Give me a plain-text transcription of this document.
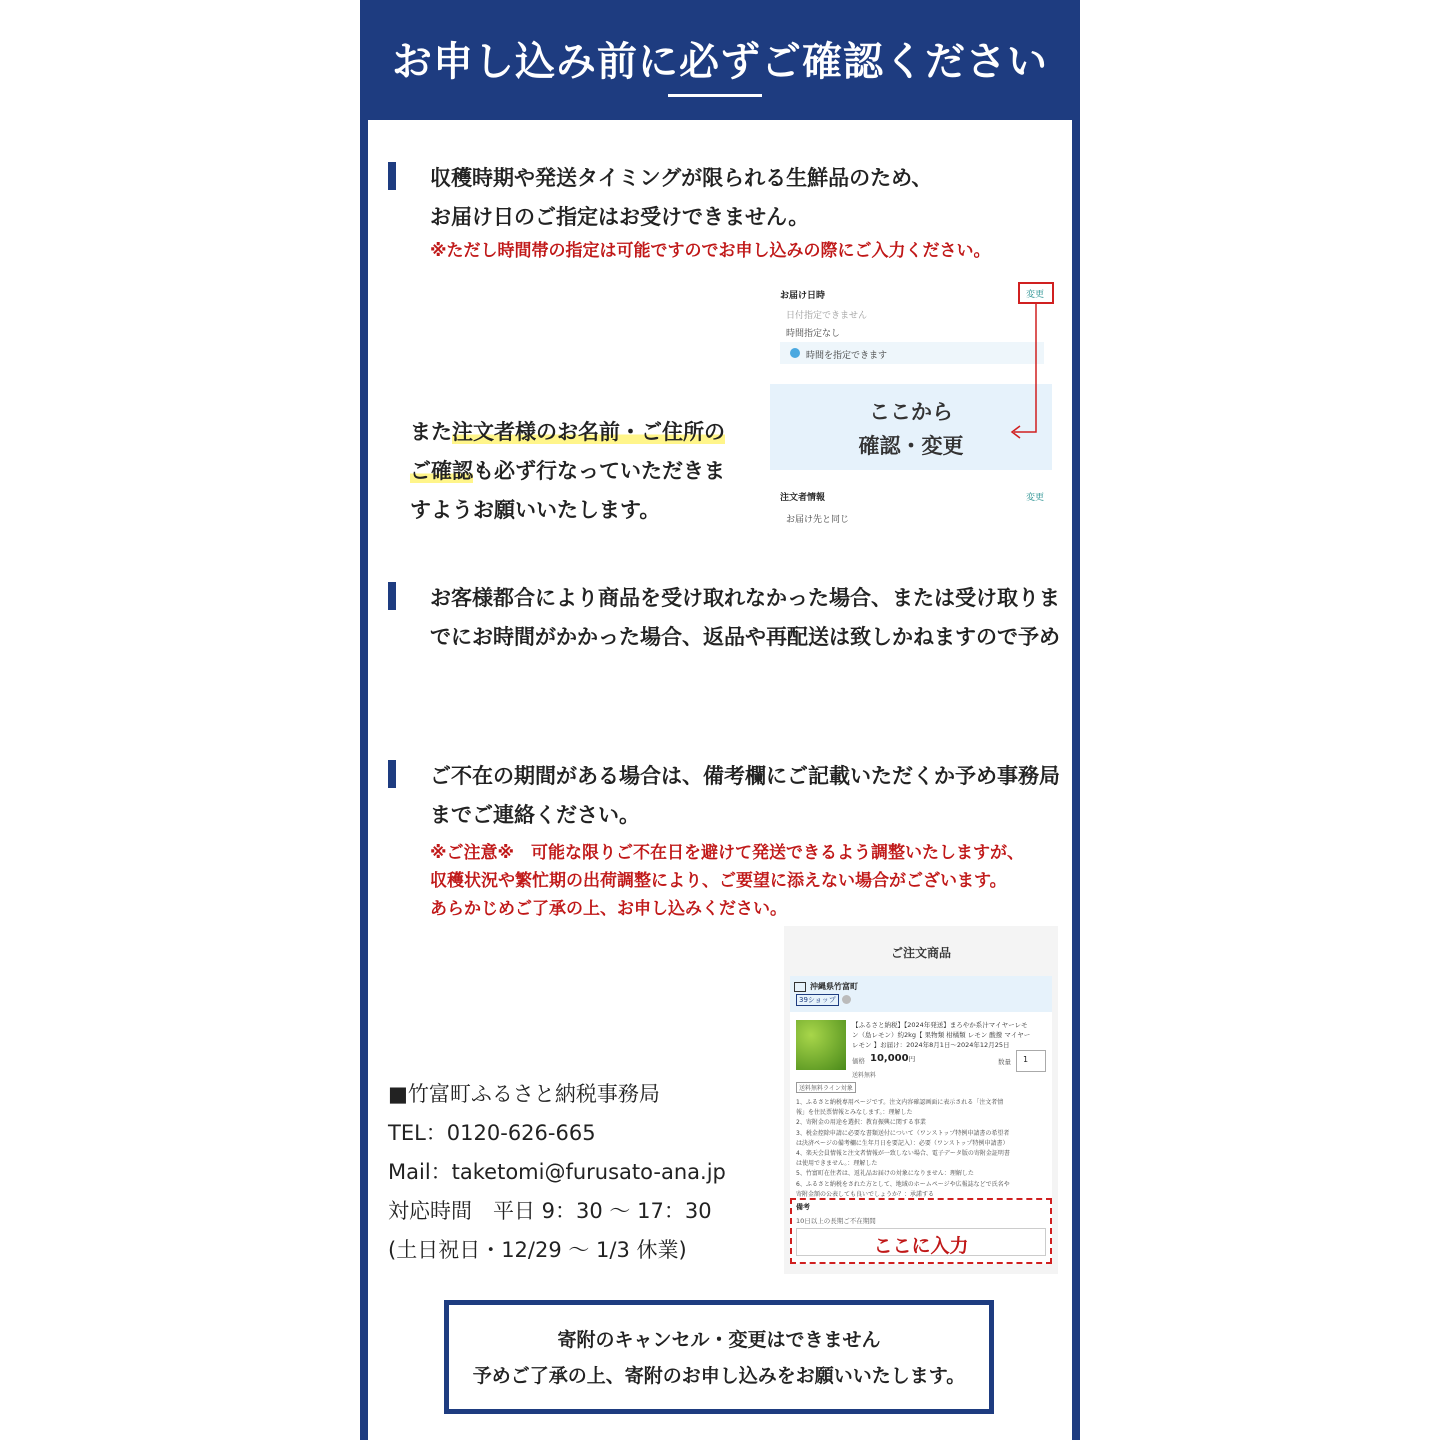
お申し込み前に必ずご確認ください
収穫時期や発送タイミングが限られる生鮮品のため、
お届け日のご指定はお受けできません。
※ただし時間帯の指定は可能ですのでお申し込みの際にご入力ください。
また注文者様のお名前・ご住所の
ご確認も必ず行なっていただきま
すようお願いいたします。
お届け日時	変更
日付指定できません
時間指定なし
時間を指定できます
ここから
確認・変更
注文者情報	変更
お届け先と同じ
お客様都合により商品を受け取れなかった場合、または受け取りま
でにお時間がかかった場合、返品や再配送は致しかねますので予め
ご不在の期間がある場合は、備考欄にご記載いただくか予め事務局
までご連絡ください。
※ご注意※　可能な限りご不在日を避けて発送できるよう調整いたしますが、
収穫状況や繁忙期の出荷調整により、ご要望に添えない場合がございます。
あらかじめご了承の上、お申し込みください。
ご注文商品
沖縄県竹富町
39ショップ
【ふるさと納税】【2024年発送】まろやか系汁マイヤーレモ
ン（島レモン）約2kg【 果物類 柑橘類 レモン 酸撥 マイヤー
レモン 】お届け：2024年8月1日～2024年12月25日
価格 10,000円
送料無料
数量 1
送料無料ライン対象
1、ふるさと納税専用ページです。注文内容確認画面に表示される「注文者情
報」を住民票情報とみなします。：理解した
2、寄附金の用途を選択：教育振興に関する事業
3、税金控除申請に必要な書類送付について（ワンストップ特例申請書の希望者
は決済ページの備考欄に生年月日を要記入）：必要（ワンストップ特例申請書）
4、楽天会員情報と注文者情報が一致しない場合、電子データ版の寄附金証明書
は使用できません。：理解した
5、竹富町在住者は、返礼品お届けの対象になりません：理解した
6、ふるさと納税をされた方として、地域のホームページや広報誌などで氏名や
寄附金額の公表しても良いでしょうか？：承諾する
備考
10日以上の長期ご不在期間
ここに入力
■竹富町ふるさと納税事務局
TEL：0120-626-665
Mail：taketomi@furusato-ana.jp
対応時間　平日 9：30 ～ 17：30
(土日祝日・12/29 ～ 1/3 休業)
寄附のキャンセル・変更はできません
予めご了承の上、寄附のお申し込みをお願いいたします。
